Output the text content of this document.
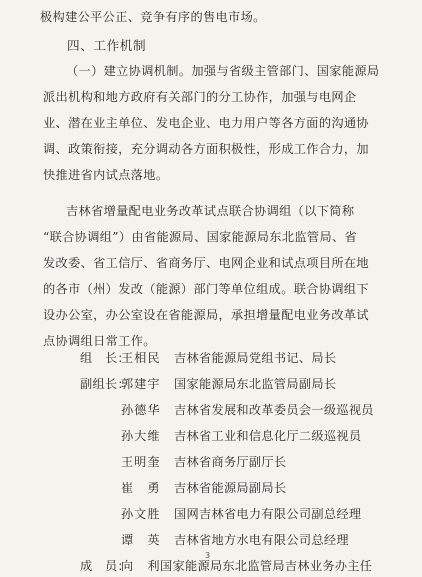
极构建公平公正、竞争有序的售电市场。
四、工作机制
（一）建立协调机制。加强与省级主管部门、国家能源局
派出机构和地方政府有关部门的分工协作，加强与电网企
业、潜在业主单位、发电企业、电力用户等各方面的沟通协
调、政策衔接，充分调动各方面积极性，形成工作合力，加
快推进省内试点落地。
吉林省增量配电业务改革试点联合协调组（以下简称
“联合协调组”）由省能源局、国家能源局东北监管局、省
发改委、省工信厅、省商务厅、电网企业和试点项目所在地
的各市（州）发改（能源）部门等单位组成。联合协调组下
设办公室，办公室设在省能源局，承担增量配电业务改革试
点协调组日常工作。
组　长：
王相民 吉林省能源局党组书记、局长
副组长：
郭建宇 国家能源局东北监管局副局长
孙德华 吉林省发展和改革委员会一级巡视员
孙大维 吉林省工业和信息化厅二级巡视员
王明奎 吉林省商务厅副厅长
崔　勇 吉林省能源局副局长
孙文胜 国网吉林省电力有限公司副总经理
谭　英 吉林省地方水电有限公司总经理
成　员：
向　利 国家能源局东北监管局吉林业务办主任
3
